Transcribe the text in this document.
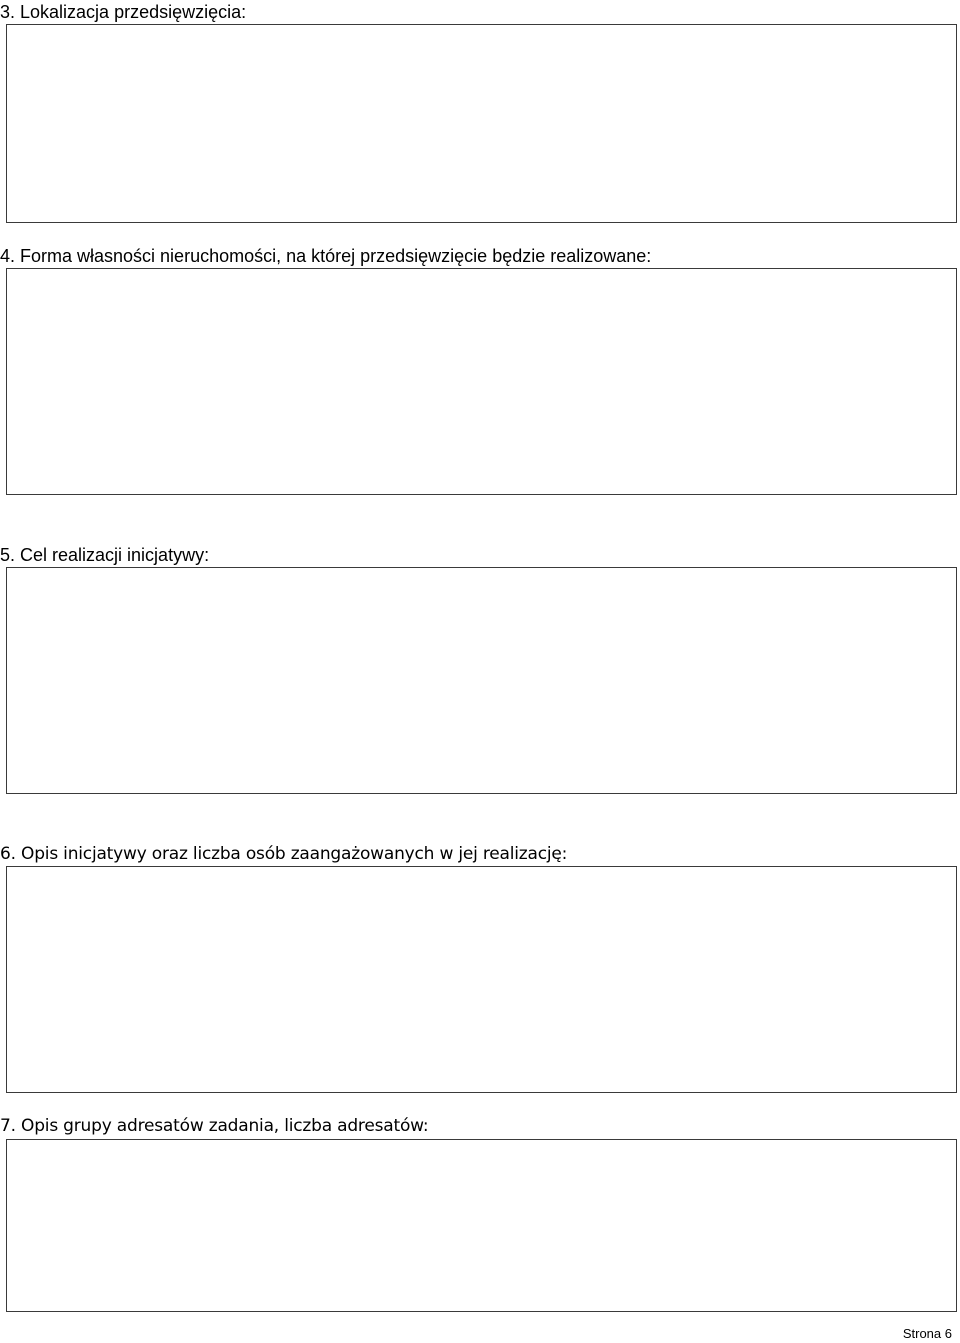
3. Lokalizacja przedsięwzięcia:
4. Forma własności nieruchomości, na której przedsięwzięcie będzie realizowane:
5. Cel realizacji inicjatywy:
6. Opis inicjatywy oraz liczba osób zaangażowanych w jej realizację:
7. Opis grupy adresatów zadania, liczba adresatów:
Strona 6
